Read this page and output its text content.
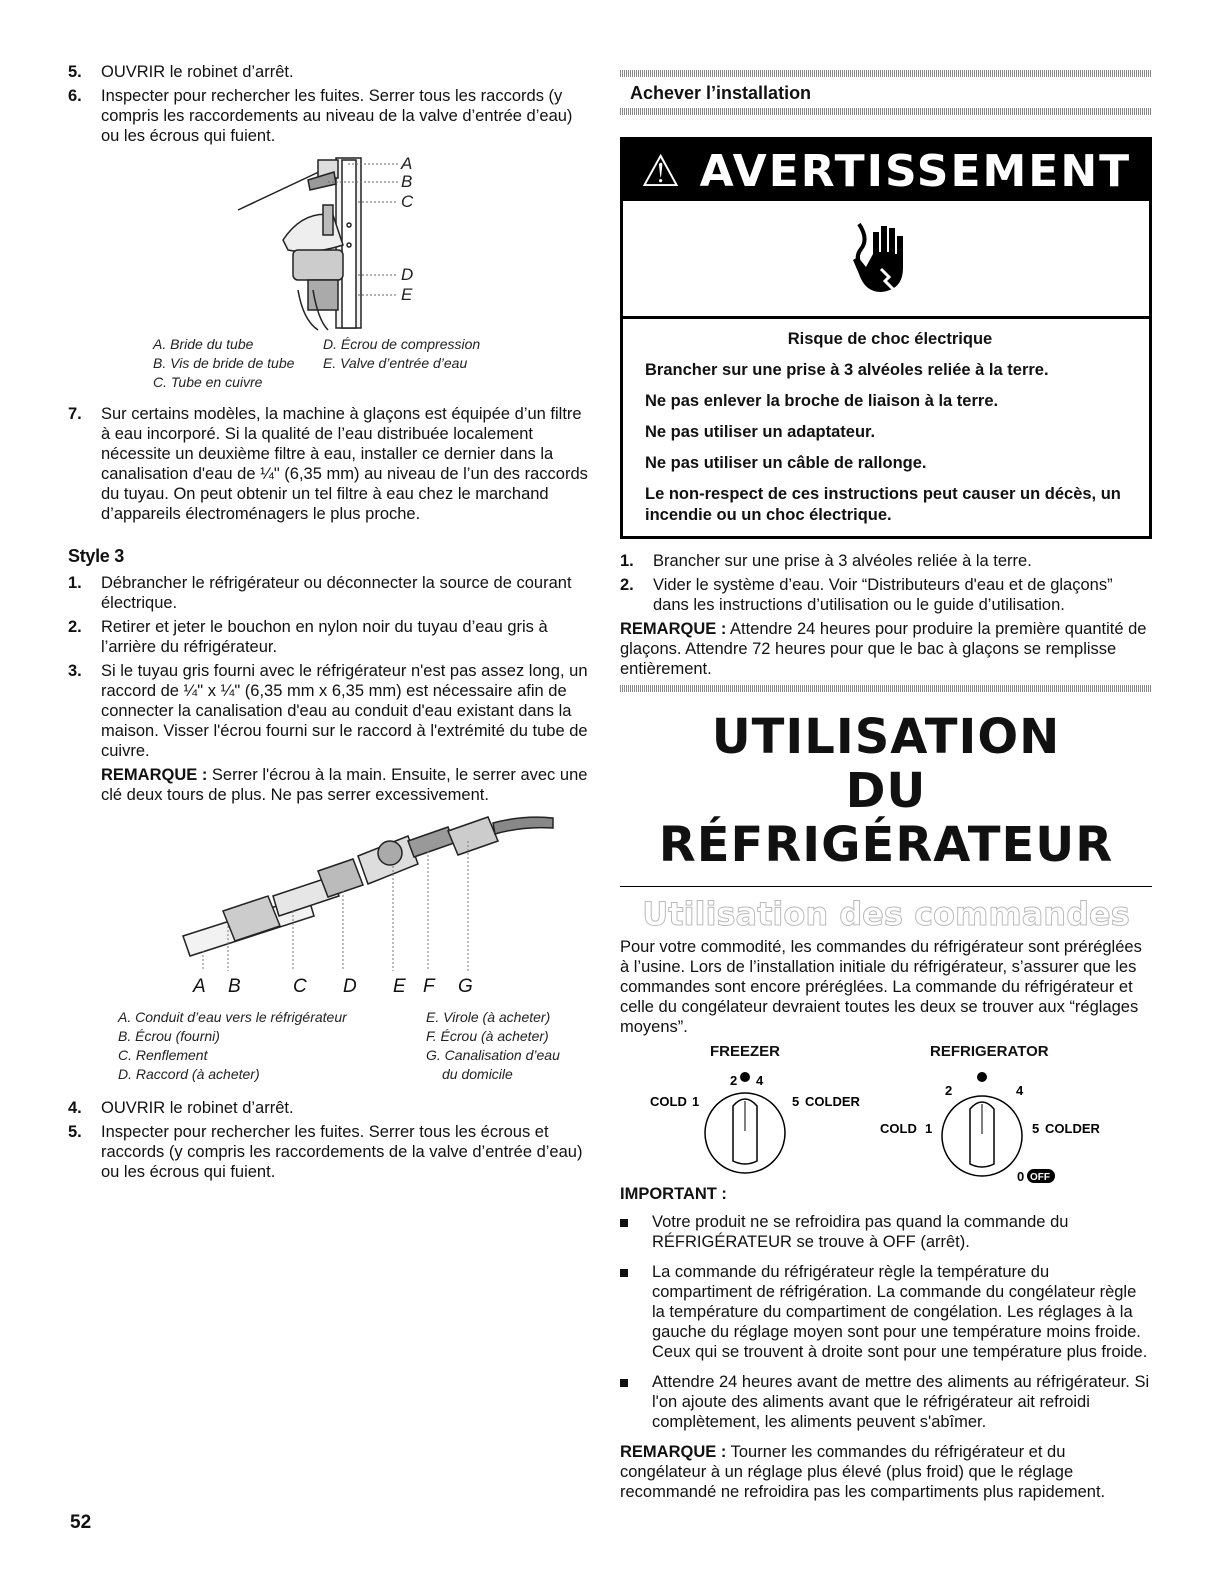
5.	OUVRIR le robinet d’arrêt.
6.	Inspecter pour rechercher les fuites. Serrer tous les raccords (y compris les raccordements au niveau de la valve d’entrée d’eau) ou les écrous qui fuient.
A
B
C
D
E
A. Bride du tube
B. Vis de bride de tube
C. Tube en cuivre
D. Écrou de compression
E. Valve d’entrée d’eau
7.	Sur certains modèles, la machine à glaçons est équipée d’un filtre à eau incorporé. Si la qualité de l’eau distribuée localement nécessite un deuxième filtre à eau, installer ce dernier dans la canalisation d'eau de ¼" (6,35 mm) au niveau de l’un des raccords du tuyau. On peut obtenir un tel filtre à eau chez le marchand d’appareils électroménagers le plus proche.
Style 3
1.	Débrancher le réfrigérateur ou déconnecter la source de courant électrique.
2.	Retirer et jeter le bouchon en nylon noir du tuyau d’eau gris à l’arrière du réfrigérateur.
3.	Si le tuyau gris fourni avec le réfrigérateur n'est pas assez long, un raccord de ¼" x ¼" (6,35 mm x 6,35 mm) est nécessaire afin de connecter la canalisation d'eau au conduit d'eau existant dans la maison. Visser l'écrou fourni sur le raccord à l'extrémité du tube de cuivre.
REMARQUE : Serrer l'écrou à la main. Ensuite, le serrer avec une clé deux tours de plus. Ne pas serrer excessivement.
A B	C D E F G
A. Conduit d’eau vers le réfrigérateur
B. Écrou (fourni)
C. Renflement
D. Raccord (à acheter)
E. Virole (à acheter)
F. Écrou (à acheter)
G. Canalisation d’eau
du domicile
4.	OUVRIR le robinet d’arrêt.
5.	Inspecter pour rechercher les fuites. Serrer tous les écrous et raccords (y compris les raccordements de la valve d’entrée d’eau) ou les écrous qui fuient.
Achever l’installation
⚠ AVERTISSEMENT

Risque de choc électrique

Brancher sur une prise à 3 alvéoles reliée à la terre.

Ne pas enlever la broche de liaison à la terre.

Ne pas utiliser un adaptateur.

Ne pas utiliser un câble de rallonge.

Le non-respect de ces instructions peut causer un décès, un incendie ou un choc électrique.

1.	Brancher sur une prise à 3 alvéoles reliée à la terre.
2.	Vider le système d’eau. Voir “Distributeurs d'eau et de glaçons” dans les instructions d’utilisation ou le guide d’utilisation.
REMARQUE : Attendre 24 heures pour produire la première quantité de glaçons. Attendre 72 heures pour que le bac à glaçons se remplisse entièrement.
UTILISATION
DU RÉFRIGÉRATEUR
Utilisation des commandes
Pour votre commodité, les commandes du réfrigérateur sont préréglées à l’usine. Lors de l’installation initiale du réfrigérateur, s’assurer que les commandes sont encore préréglées. La commande du réfrigérateur et celle du congélateur devraient toutes les deux se trouver aux “réglages moyens”.
FREEZER
COLD 1
2 4
5 COLDER
REFRIGERATOR
COLD 1
2	4
5 COLDER
0 OFF
IMPORTANT :
Votre produit ne se refroidira pas quand la commande du RÉFRIGÉRATEUR se trouve à OFF (arrêt).
La commande du réfrigérateur règle la température du compartiment de réfrigération. La commande du congélateur règle la température du compartiment de congélation. Les réglages à la gauche du réglage moyen sont pour une température moins froide. Ceux qui se trouvent à droite sont pour une température plus froide.
Attendre 24 heures avant de mettre des aliments au réfrigérateur. Si l'on ajoute des aliments avant que le réfrigérateur ait refroidi complètement, les aliments peuvent s'abîmer.
REMARQUE : Tourner les commandes du réfrigérateur et du congélateur à un réglage plus élevé (plus froid) que le réglage recommandé ne refroidira pas les compartiments plus rapidement.
52
